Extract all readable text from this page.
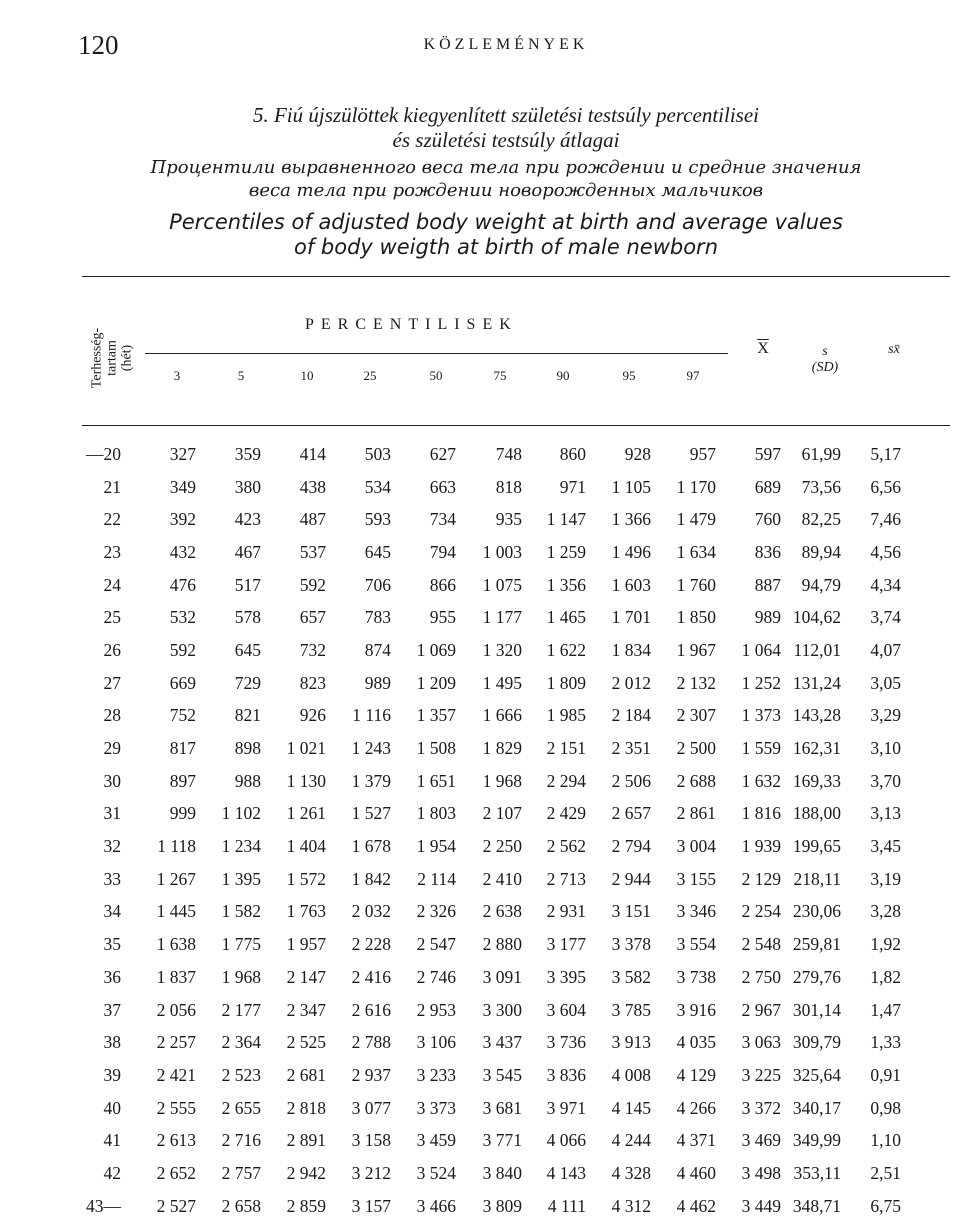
120	KÖZLEMÉNYEK
5. Fiú újszülöttek kiegyenlített születési testsúly percentilisei
és születési testsúly átlagai
Процентили выравненного веса тела при рождении и средние значения
веса тела при рождении новорожденных мальчиков
Percentiles of adjusted body weight at birth and average values
of body weigth at birth of male newborn
Terhesség-
tartam
(hét)
PERCENTILISEK
3	5	10	25	50	75	90	95	97
$\overline{X}$	s
(SD)
sx̄
—20	327	359	414	503	627	748	860	928	957	597	61,99	5,17
21	349	380	438	534	663	818	971	1 105	1 170	689	73,56	6,56
22	392	423	487	593	734	935	1 147	1 366	1 479	760	82,25	7,46
23	432	467	537	645	794	1 003	1 259	1 496	1 634	836	89,94	4,56
24	476	517	592	706	866	1 075	1 356	1 603	1 760	887	94,79	4,34
25	532	578	657	783	955	1 177	1 465	1 701	1 850	989	104,62	3,74
26	592	645	732	874	1 069	1 320	1 622	1 834	1 967	1 064	112,01	4,07
27	669	729	823	989	1 209	1 495	1 809	2 012	2 132	1 252	131,24	3,05
28	752	821	926	1 116	1 357	1 666	1 985	2 184	2 307	1 373	143,28	3,29
29	817	898	1 021	1 243	1 508	1 829	2 151	2 351	2 500	1 559	162,31	3,10
30	897	988	1 130	1 379	1 651	1 968	2 294	2 506	2 688	1 632	169,33	3,70
31	999	1 102	1 261	1 527	1 803	2 107	2 429	2 657	2 861	1 816	188,00	3,13
32	1 118	1 234	1 404	1 678	1 954	2 250	2 562	2 794	3 004	1 939	199,65	3,45
33	1 267	1 395	1 572	1 842	2 114	2 410	2 713	2 944	3 155	2 129	218,11	3,19
34	1 445	1 582	1 763	2 032	2 326	2 638	2 931	3 151	3 346	2 254	230,06	3,28
35	1 638	1 775	1 957	2 228	2 547	2 880	3 177	3 378	3 554	2 548	259,81	1,92
36	1 837	1 968	2 147	2 416	2 746	3 091	3 395	3 582	3 738	2 750	279,76	1,82
37	2 056	2 177	2 347	2 616	2 953	3 300	3 604	3 785	3 916	2 967	301,14	1,47
38	2 257	2 364	2 525	2 788	3 106	3 437	3 736	3 913	4 035	3 063	309,79	1,33
39	2 421	2 523	2 681	2 937	3 233	3 545	3 836	4 008	4 129	3 225	325,64	0,91
40	2 555	2 655	2 818	3 077	3 373	3 681	3 971	4 145	4 266	3 372	340,17	0,98
41	2 613	2 716	2 891	3 158	3 459	3 771	4 066	4 244	4 371	3 469	349,99	1,10
42	2 652	2 757	2 942	3 212	3 524	3 840	4 143	4 328	4 460	3 498	353,11	2,51
43—	2 527	2 658	2 859	3 157	3 466	3 809	4 111	4 312	4 462	3 449	348,71	6,75
